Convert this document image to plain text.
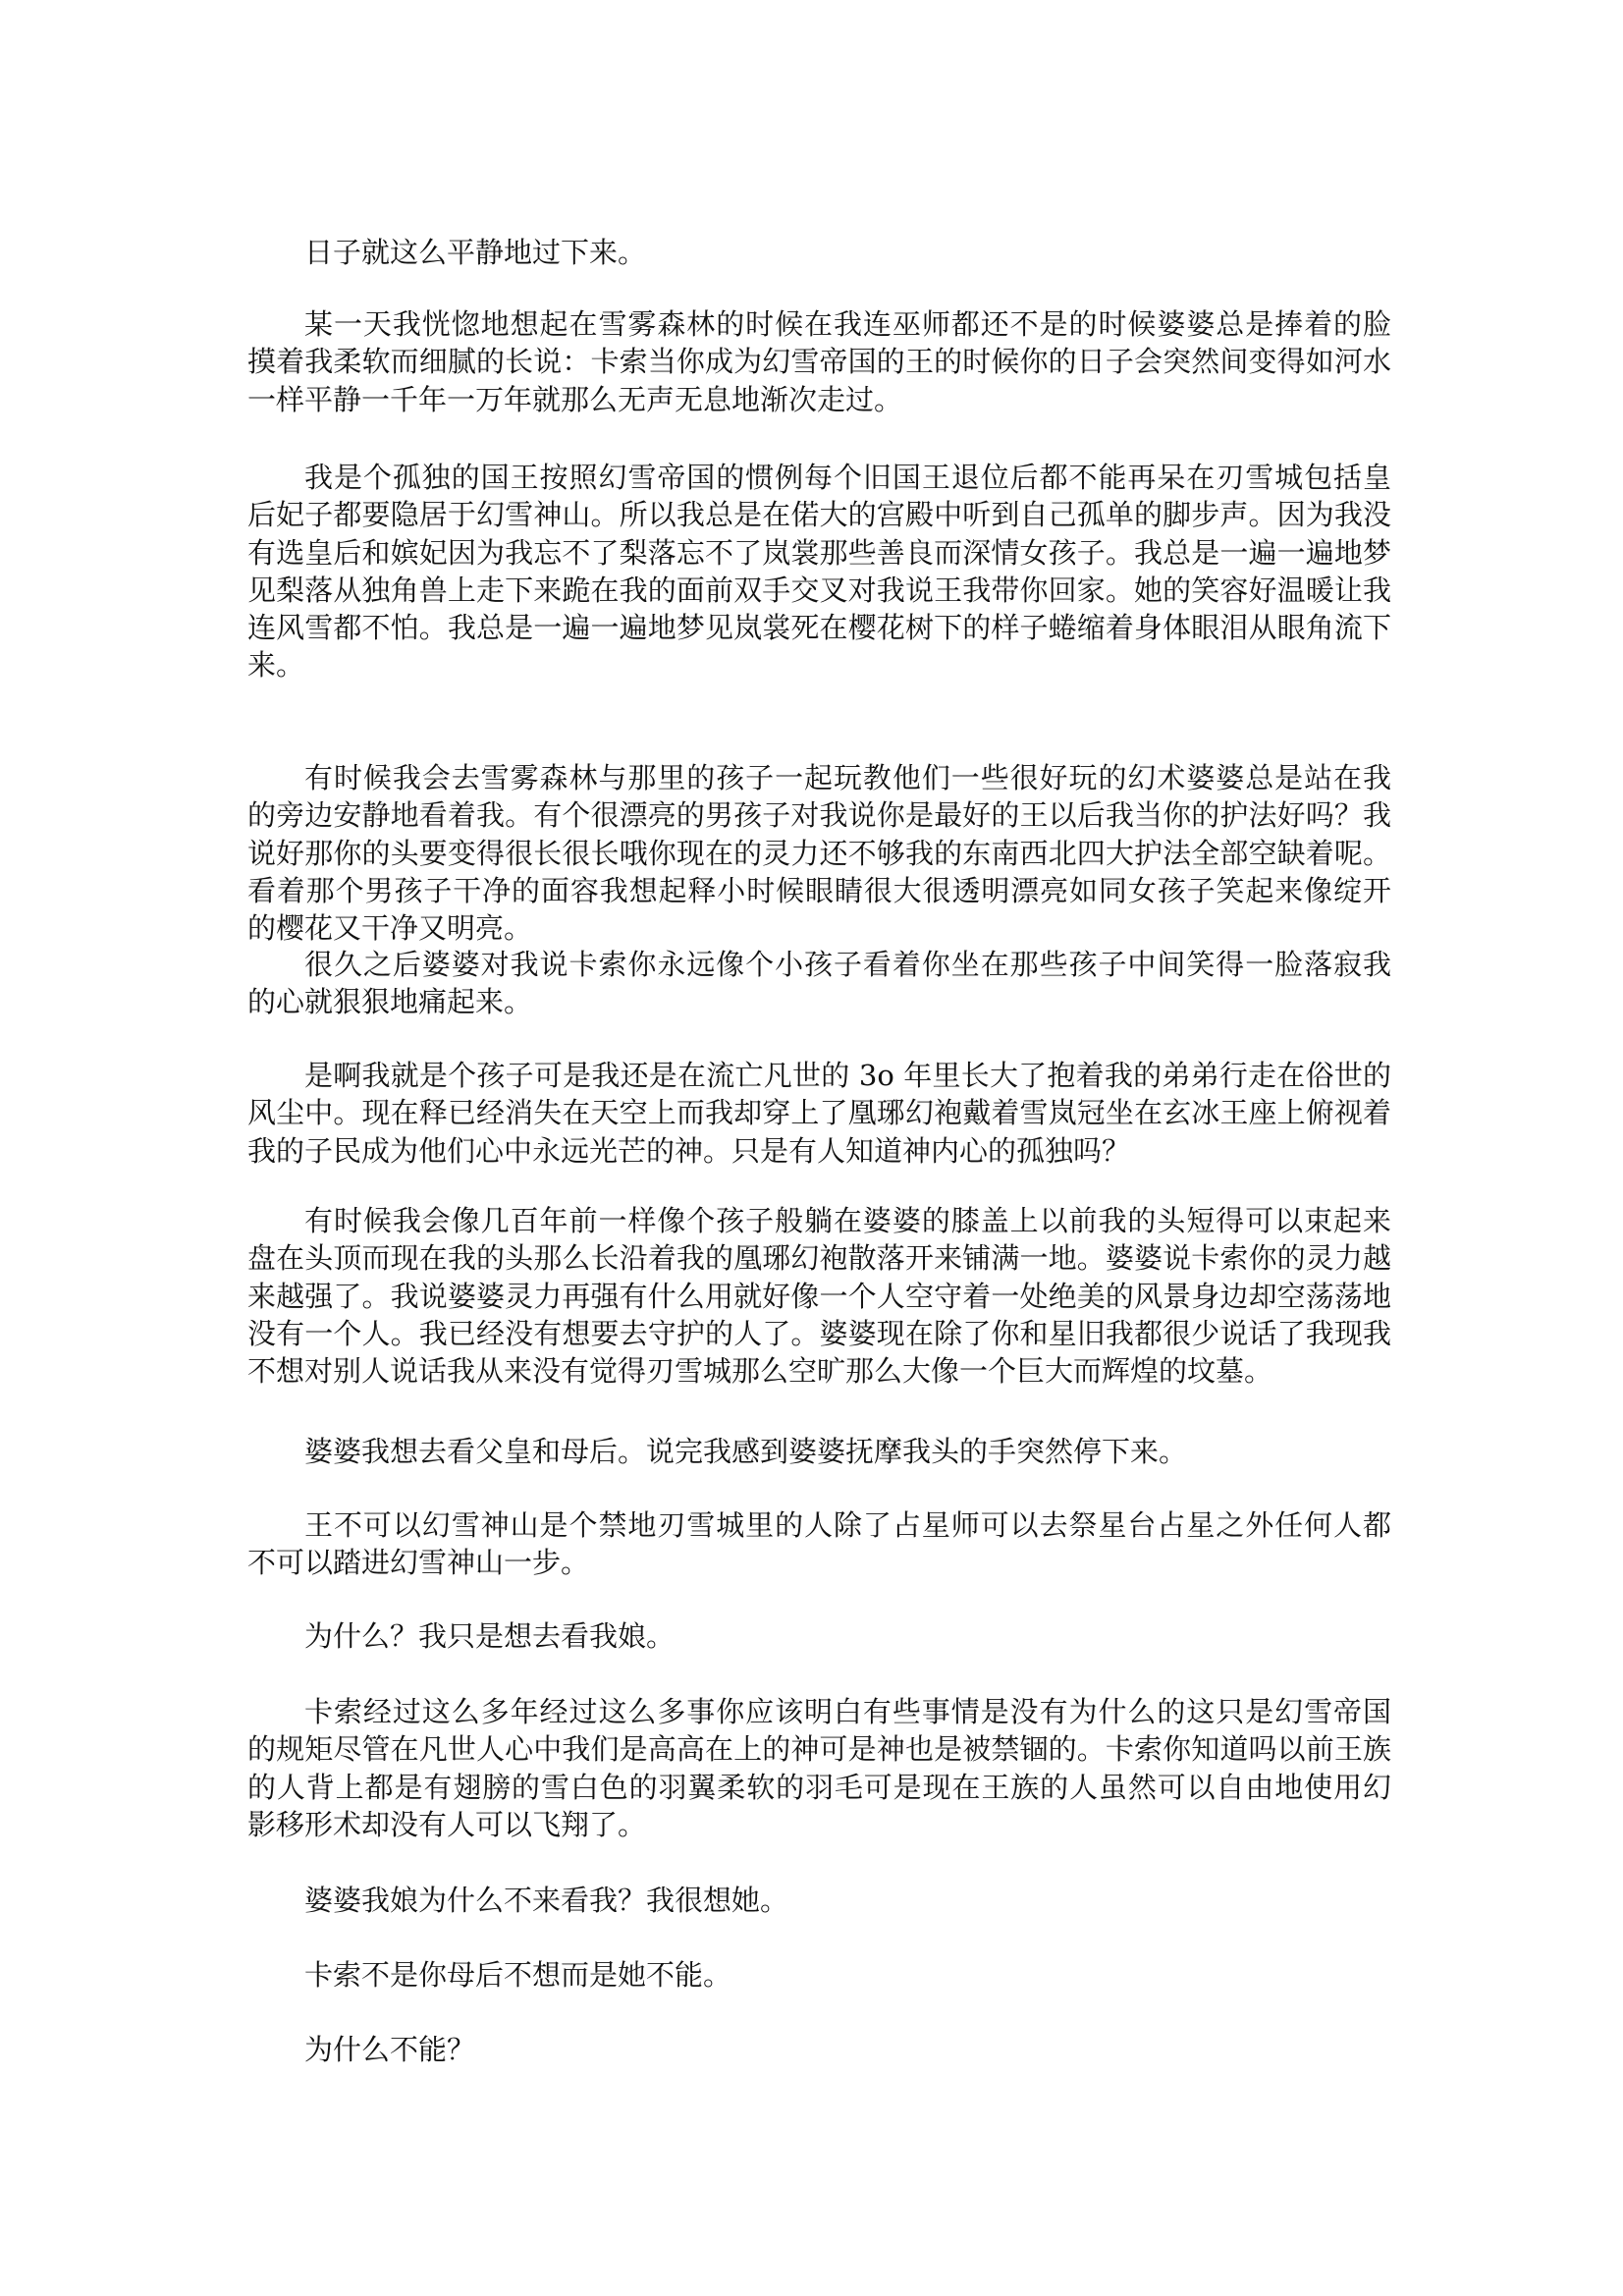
日子就这么平静地过下来。
某一天我恍惚地想起在雪雾森林的时候在我连巫师都还不是的时候婆婆总是捧着的脸
摸着我柔软而细腻的长说：卡索当你成为幻雪帝国的王的时候你的日子会突然间变得如河水
一样平静一千年一万年就那么无声无息地渐次走过。
我是个孤独的国王按照幻雪帝国的惯例每个旧国王退位后都不能再呆在刃雪城包括皇
后妃子都要隐居于幻雪神山。所以我总是在偌大的宫殿中听到自己孤单的脚步声。因为我没
有选皇后和嫔妃因为我忘不了梨落忘不了岚裳那些善良而深情女孩子。我总是一遍一遍地梦
见梨落从独角兽上走下来跪在我的面前双手交叉对我说王我带你回家。她的笑容好温暖让我
连风雪都不怕。我总是一遍一遍地梦见岚裳死在樱花树下的样子蜷缩着身体眼泪从眼角流下
来。
有时候我会去雪雾森林与那里的孩子一起玩教他们一些很好玩的幻术婆婆总是站在我
的旁边安静地看着我。有个很漂亮的男孩子对我说你是最好的王以后我当你的护法好吗？我
说好那你的头要变得很长很长哦你现在的灵力还不够我的东南西北四大护法全部空缺着呢。
看着那个男孩子干净的面容我想起释小时候眼睛很大很透明漂亮如同女孩子笑起来像绽开
的樱花又干净又明亮。
很久之后婆婆对我说卡索你永远像个小孩子看着你坐在那些孩子中间笑得一脸落寂我
的心就狠狠地痛起来。
是啊我就是个孩子可是我还是在流亡凡世的 3o 年里长大了抱着我的弟弟行走在俗世的
风尘中。现在释已经消失在天空上而我却穿上了凰琊幻袍戴着雪岚冠坐在玄冰王座上俯视着
我的子民成为他们心中永远光芒的神。只是有人知道神内心的孤独吗？
有时候我会像几百年前一样像个孩子般躺在婆婆的膝盖上以前我的头短得可以束起来
盘在头顶而现在我的头那么长沿着我的凰琊幻袍散落开来铺满一地。婆婆说卡索你的灵力越
来越强了。我说婆婆灵力再强有什么用就好像一个人空守着一处绝美的风景身边却空荡荡地
没有一个人。我已经没有想要去守护的人了。婆婆现在除了你和星旧我都很少说话了我现我
不想对别人说话我从来没有觉得刃雪城那么空旷那么大像一个巨大而辉煌的坟墓。
婆婆我想去看父皇和母后。说完我感到婆婆抚摩我头的手突然停下来。
王不可以幻雪神山是个禁地刃雪城里的人除了占星师可以去祭星台占星之外任何人都
不可以踏进幻雪神山一步。
为什么？我只是想去看我娘。
卡索经过这么多年经过这么多事你应该明白有些事情是没有为什么的这只是幻雪帝国
的规矩尽管在凡世人心中我们是高高在上的神可是神也是被禁锢的。卡索你知道吗以前王族
的人背上都是有翅膀的雪白色的羽翼柔软的羽毛可是现在王族的人虽然可以自由地使用幻
影移形术却没有人可以飞翔了。
婆婆我娘为什么不来看我？我很想她。
卡索不是你母后不想而是她不能。
为什么不能？
